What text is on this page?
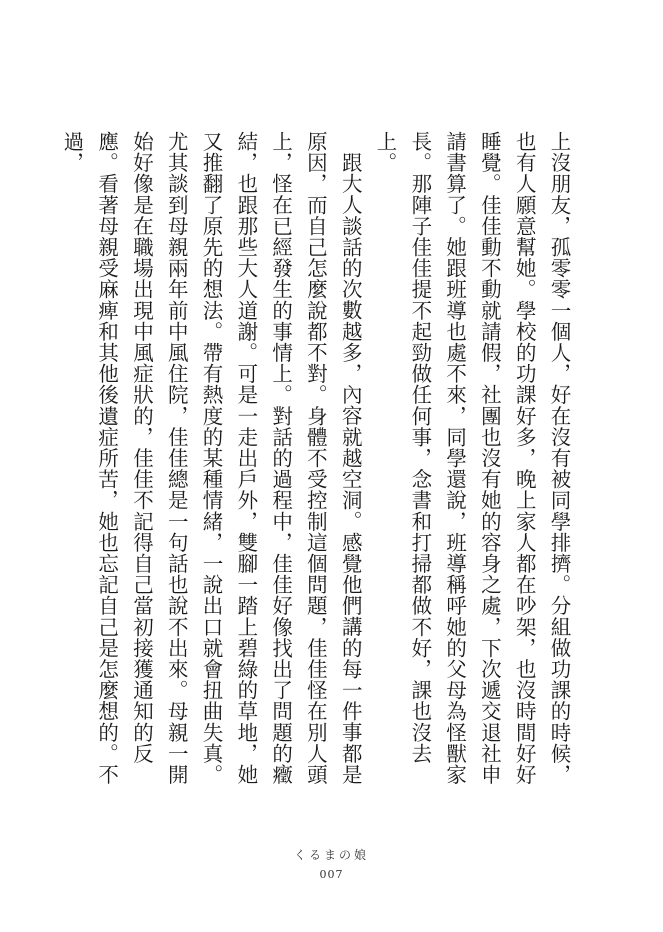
上沒朋友，孤零零一個人，好在沒有被同學排擠。分組做功課的時候，也有人願意幫她。學校的功課好多，晚上家人都在吵架，也沒時間好好睡覺。佳佳動不動就請假，社團也沒有她的容身之處，下次遞交退社申請書算了。她跟班導也處不來，同學還說，班導稱呼她的父母為怪獸家長。那陣子佳佳提不起勁做任何事，念書和打掃都做不好，課也沒去上。

跟大人談話的次數越多，內容就越空洞。感覺他們講的每一件事都是原因，而自己怎麼說都不對。身體不受控制這個問題，佳佳怪在別人頭上，怪在已經發生的事情上。對話的過程中，佳佳好像找出了問題的癥結，也跟那些大人道謝。可是一走出戶外，雙腳一踏上碧綠的草地，她又推翻了原先的想法。帶有熱度的某種情緒，一說出口就會扭曲失真。尤其談到母親兩年前中風住院，佳佳總是一句話也說不出來。母親一開始好像是在職場出現中風症狀的，佳佳不記得自己當初接獲通知的反應。看著母親受麻痺和其他後遺症所苦，她也忘記自己是怎麼想的。不過，

くるまの娘
007
